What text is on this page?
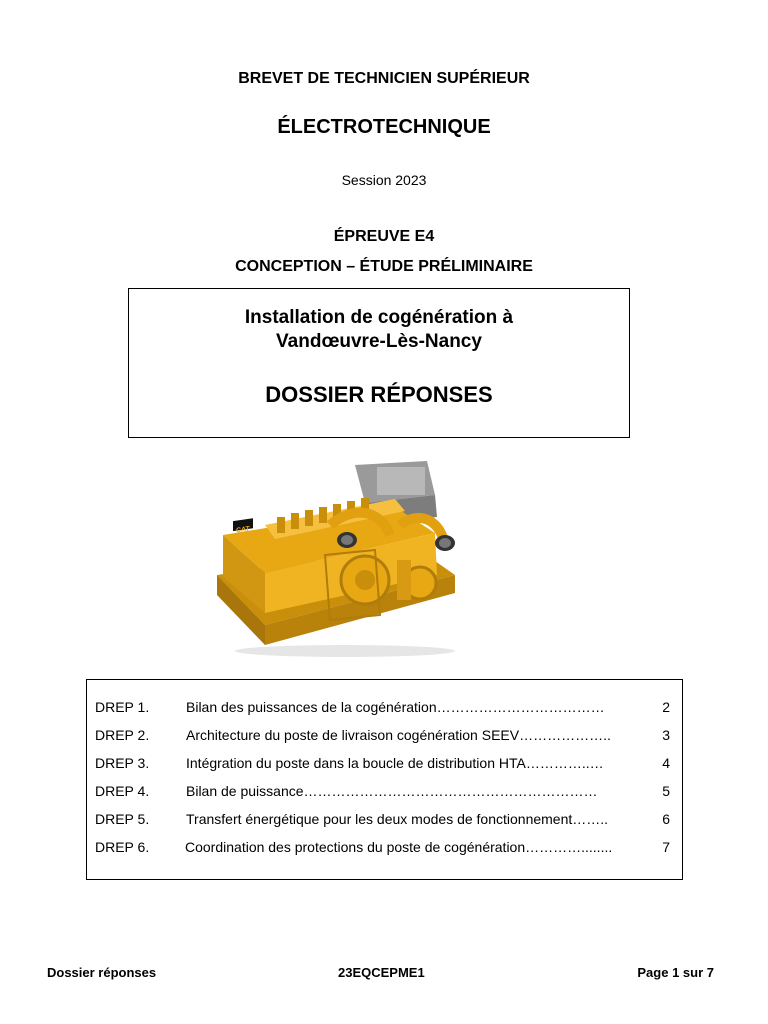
BREVET DE TECHNICIEN SUPÉRIEUR
ÉLECTROTECHNIQUE
Session 2023
ÉPREUVE E4
CONCEPTION – ÉTUDE PRÉLIMINAIRE
Installation de cogénération à
Vandœuvre-Lès-Nancy
DOSSIER RÉPONSES
CAT
DREP 1.	Bilan des puissances de la cogénération………………………………	2
DREP 2.	Architecture du poste de livraison cogénération SEEV………………..	3
DREP 3.	Intégration du poste dans la boucle de distribution HTA…………..…	4
DREP 4.	Bilan de puissance………………………………………………………	5
DREP 5.	Transfert énergétique pour les deux modes de fonctionnement……..	6
DREP 6.	Coordination des protections du poste de cogénération…………........	7
Dossier réponses	23EQCEPME1	Page 1 sur 7
